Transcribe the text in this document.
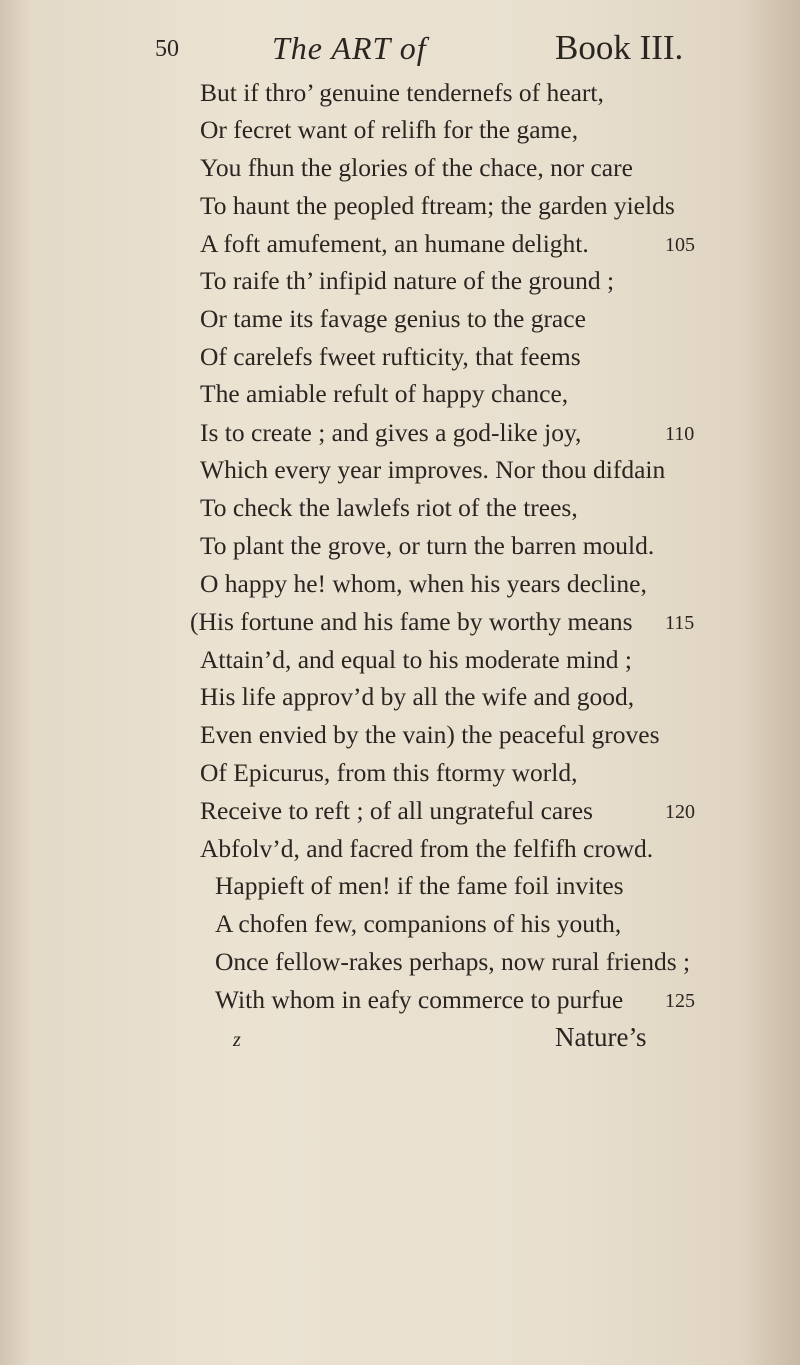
50	The ART of	Book III.
But if thro’ genuine tendernefs of heart,
Or fecret want of relifh for the game,
You fhun the glories of the chace, nor care
To haunt the peopled ftream; the garden yields
A foft amufement, an humane delight.
To raife th’ infipid nature of the ground ;
Or tame its favage genius to the grace
Of carelefs fweet rufticity, that feems
The amiable refult of happy chance,
Is to create ; and gives a god-like joy,
Which every year improves. Nor thou difdain
To check the lawlefs riot of the trees,
To plant the grove, or turn the barren mould.
O happy he! whom, when his years decline,
(His fortune and his fame by worthy means
Attain’d, and equal to his moderate mind ;
His life approv’d by all the wife and good,
Even envied by the vain) the peaceful groves
Of Epicurus, from this ftormy world,
Receive to reft ; of all ungrateful cares
Abfolv’d, and facred from the felfifh crowd.
Happieft of men! if the fame foil invites
A chofen few, companions of his youth,
Once fellow-rakes perhaps, now rural friends ;
With whom in eafy commerce to purfue
105
110
115
120
125
z	Nature’s
